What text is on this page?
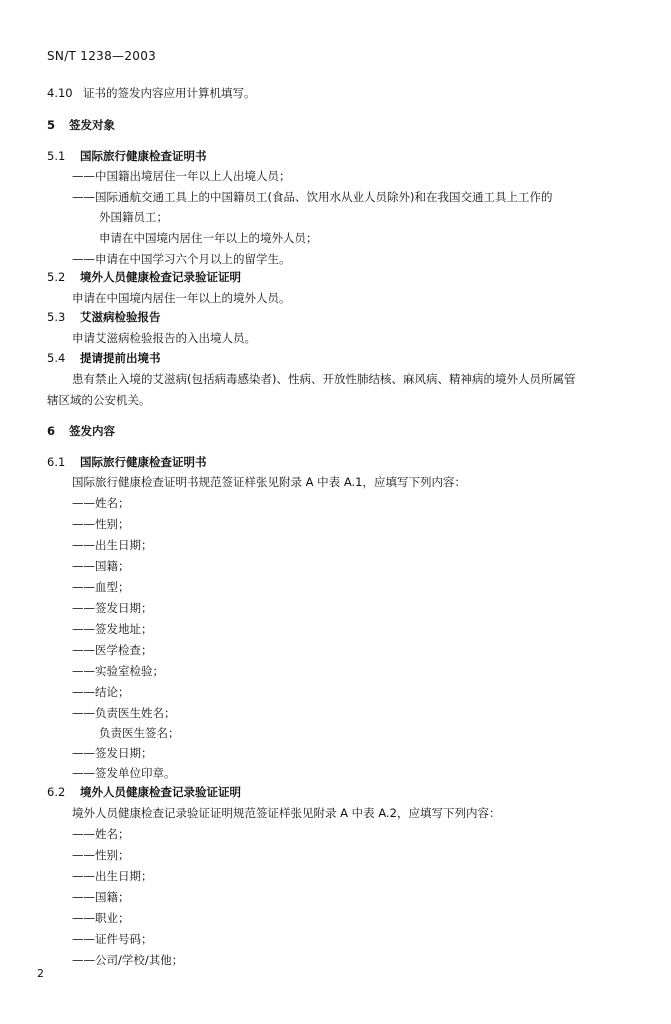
SN/T 1238—2003
4.10 证书的签发内容应用计算机填写。
5 签发对象
5.1 国际旅行健康检查证明书
——中国籍出境居住一年以上人出境人员；
——国际通航交通工具上的中国籍员工(食品、饮用水从业人员除外)和在我国交通工具上工作的
外国籍员工；
申请在中国境内居住一年以上的境外人员；
——申请在中国学习六个月以上的留学生。
5.2 境外人员健康检查记录验证证明
申请在中国境内居住一年以上的境外人员。
5.3 艾滋病检验报告
申请艾滋病检验报告的入出境人员。
5.4 提请提前出境书
患有禁止入境的艾滋病(包括病毒感染者)、性病、开放性肺结核、麻风病、精神病的境外人员所属管
辖区域的公安机关。
6 签发内容
6.1 国际旅行健康检查证明书
国际旅行健康检查证明书规范签证样张见附录 A 中表 A.1，应填写下列内容：
——姓名；
——性别；
——出生日期；
——国籍；
——血型；
——签发日期；
——签发地址；
——医学检查；
——实验室检验；
——结论；
——负责医生姓名；
负责医生签名；
——签发日期；
——签发单位印章。
6.2 境外人员健康检查记录验证证明
境外人员健康检查记录验证证明规范签证样张见附录 A 中表 A.2，应填写下列内容：
——姓名；
——性别；
——出生日期；
——国籍；
——职业；
——证件号码；
——公司/学校/其他；
2
